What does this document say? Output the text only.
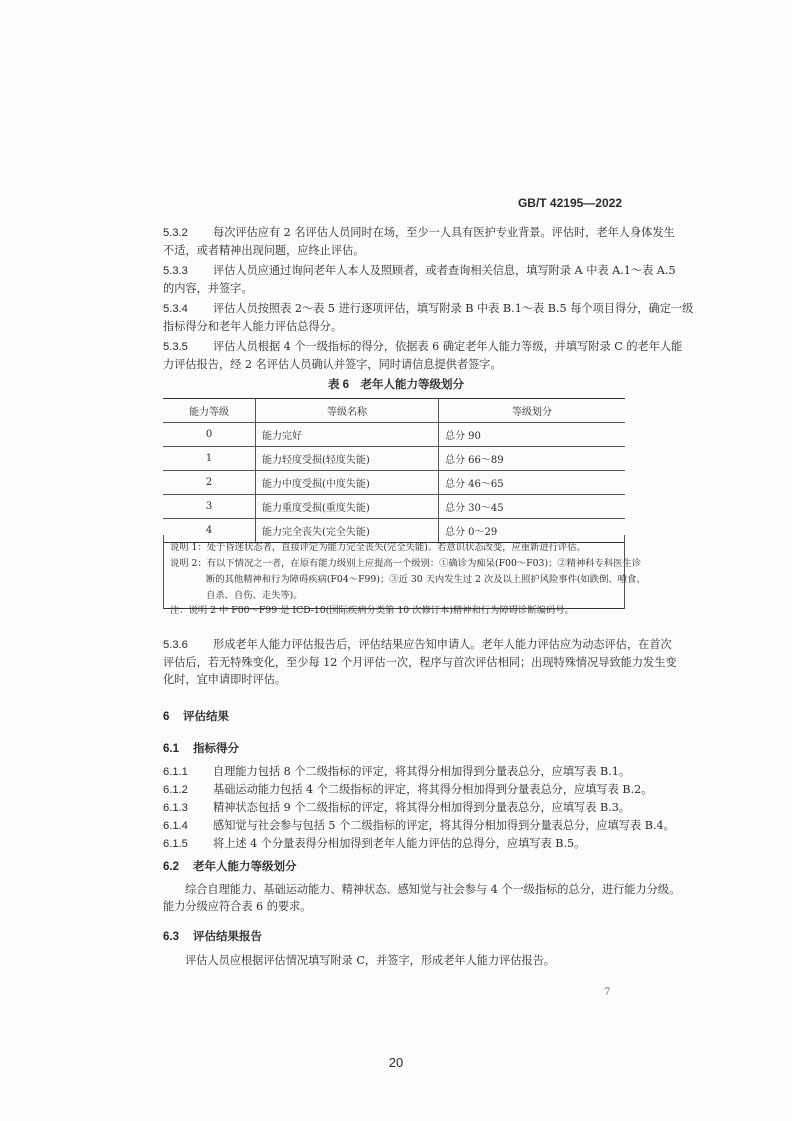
GB/T 42195—2022
5.3.2 每次评估应有 2 名评估人员同时在场，至少一人具有医护专业背景。评估时，老年人身体发生
不适，或者精神出现问题，应终止评估。
5.3.3 评估人员应通过询问老年人本人及照顾者，或者查询相关信息，填写附录 A 中表 A.1～表 A.5
的内容，并签字。
5.3.4 评估人员按照表 2～表 5 进行逐项评估，填写附录 B 中表 B.1～表 B.5 每个项目得分，确定一级
指标得分和老年人能力评估总得分。
5.3.5 评估人员根据 4 个一级指标的得分，依据表 6 确定老年人能力等级，并填写附录 C 的老年人能
力评估报告，经 2 名评估人员确认并签字，同时请信息提供者签字。
表 6　老年人能力等级划分
能力等级	等级名称	等级划分
0	能力完好	总分 90
1	能力轻度受损(轻度失能)	总分 66～89
2	能力中度受损(中度失能)	总分 46～65
3	能力重度受损(重度失能)	总分 30～45
4	能力完全丧失(完全失能)	总分 0～29
说明 1：处于昏迷状态者，直接评定为能力完全丧失(完全失能)。若意识状态改变，应重新进行评估。
说明 2：有以下情况之一者，在原有能力级别上应提高一个级别：①确诊为痴呆(F00～F03)；②精神科专科医生诊
断的其他精神和行为障碍疾病(F04～F99)；③近 30 天内发生过 2 次及以上照护风险事件(如跌倒、噎食、
自杀、自伤、走失等)。
注：说明 2 中 F00～F99 是 ICD-10(国际疾病分类第 10 次修订本)精神和行为障碍诊断编码号。
5.3.6 形成老年人能力评估报告后，评估结果应告知申请人。老年人能力评估应为动态评估，在首次
评估后，若无特殊变化，至少每 12 个月评估一次，程序与首次评估相同；出现特殊情况导致能力发生变
化时，宜申请即时评估。
6 评估结果
6.1 指标得分
6.1.1 自理能力包括 8 个二级指标的评定，将其得分相加得到分量表总分，应填写表 B.1。
6.1.2 基础运动能力包括 4 个二级指标的评定，将其得分相加得到分量表总分，应填写表 B.2。
6.1.3 精神状态包括 9 个二级指标的评定，将其得分相加得到分量表总分，应填写表 B.3。
6.1.4 感知觉与社会参与包括 5 个二级指标的评定，将其得分相加得到分量表总分，应填写表 B.4。
6.1.5 将上述 4 个分量表得分相加得到老年人能力评估的总得分，应填写表 B.5。
6.2 老年人能力等级划分
综合自理能力、基础运动能力、精神状态、感知觉与社会参与 4 个一级指标的总分，进行能力分级。
能力分级应符合表 6 的要求。
6.3 评估结果报告
评估人员应根据评估情况填写附录 C，并签字，形成老年人能力评估报告。
7
20
